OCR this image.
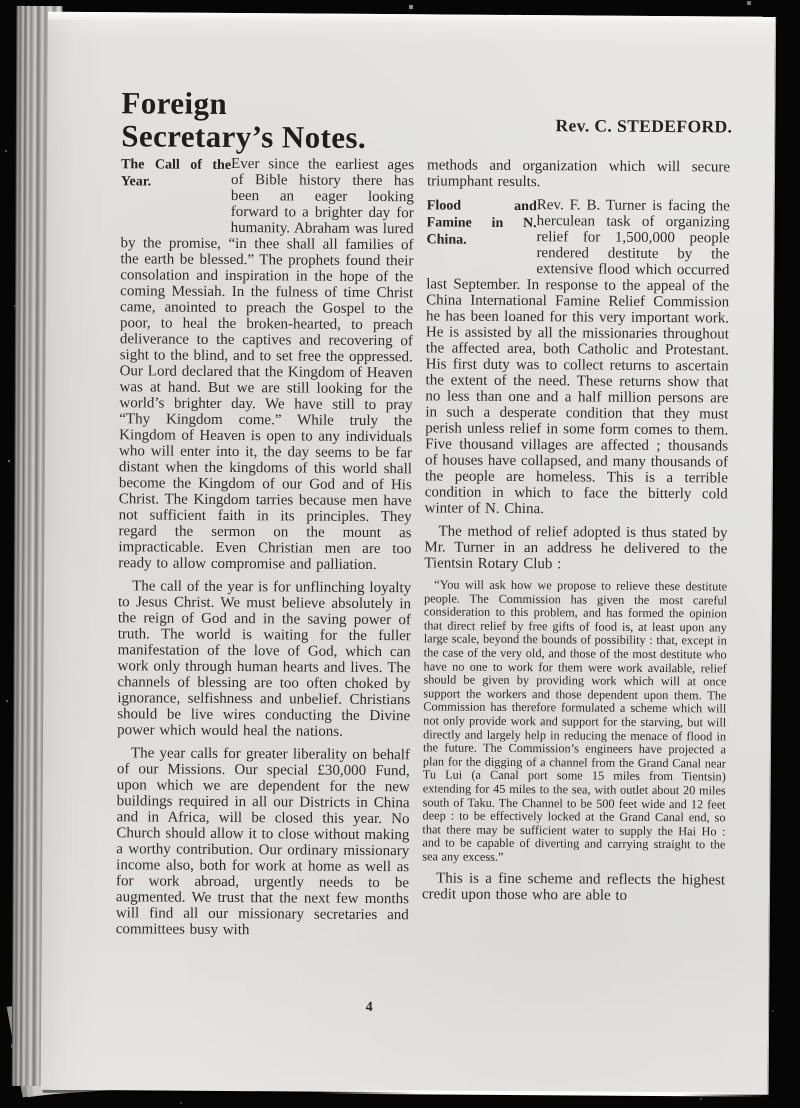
Foreign
Secretary’s Notes.	Rev. C. STEDEFORD.
The Call of the Year.
Ever since the earliest ages of Bible history there has been an eager looking forward to a brighter day for humanity. Abraham was lured by the promise, “in thee shall all families of the earth be blessed.” The prophets found their consolation and inspiration in the hope of the coming Messiah. In the fulness of time Christ came, anointed to preach the Gospel to the poor, to heal the broken-hearted, to preach deliverance to the captives and recovering of sight to the blind, and to set free the oppressed. Our Lord declared that the Kingdom of Heaven was at hand. But we are still looking for the world’s brighter day. We have still to pray “Thy Kingdom come.” While truly the Kingdom of Heaven is open to any individuals who will enter into it, the day seems to be far distant when the kingdoms of this world shall become the Kingdom of our God and of His Christ. The Kingdom tarries because men have not sufficient faith in its principles. They regard the sermon on the mount as impracticable. Even Christian men are too ready to allow compromise and palliation.

The call of the year is for unflinching loyalty to Jesus Christ. We must believe absolutely in the reign of God and in the saving power of truth. The world is waiting for the fuller manifestation of the love of God, which can work only through human hearts and lives. The channels of blessing are too often choked by ignorance, selfishness and unbelief. Christians should be live wires conducting the Divine power which would heal the nations.

The year calls for greater liberality on behalf of our Missions. Our special £30,000 Fund, upon which we are dependent for the new buildings required in all our Districts in China and in Africa, will be closed this year. No Church should allow it to close without making a worthy contribution. Our ordinary missionary income also, both for work at home as well as for work abroad, urgently needs to be augmented. We trust that the next few months will find all our missionary secretaries and committees busy with

methods and organization which will secure triumphant results.

Flood and Famine in N. China.
Rev. F. B. Turner is facing the herculean task of organizing relief for 1,500,000 people rendered destitute by the extensive flood which occurred last September. In response to the appeal of the China International Famine Relief Commission he has been loaned for this very important work. He is assisted by all the missionaries throughout the affected area, both Catholic and Protestant. His first duty was to collect returns to ascertain the extent of the need. These returns show that no less than one and a half million persons are in such a desperate condition that they must perish unless relief in some form comes to them. Five thousand villages are affected ; thousands of houses have collapsed, and many thousands of the people are homeless. This is a terrible condition in which to face the bitterly cold winter of N. China.

The method of relief adopted is thus stated by Mr. Turner in an address he delivered to the Tientsin Rotary Club :

“You will ask how we propose to relieve these destitute people. The Commission has given the most careful consideration to this problem, and has formed the opinion that direct relief by free gifts of food is, at least upon any large scale, beyond the bounds of possibility : that, except in the case of the very old, and those of the most destitute who have no one to work for them were work available, relief should be given by providing work which will at once support the workers and those dependent upon them. The Commission has therefore formulated a scheme which will not only provide work and support for the starving, but will directly and largely help in reducing the menace of flood in the future. The Commission’s engineers have projected a plan for the digging of a channel from the Grand Canal near Tu Lui (a Canal port some 15 miles from Tientsin) extending for 45 miles to the sea, with outlet about 20 miles south of Taku. The Channel to be 500 feet wide and 12 feet deep : to be effectively locked at the Grand Canal end, so that there may be sufficient water to supply the Hai Ho : and to be capable of diverting and carrying straight to the sea any excess.”

This is a fine scheme and reflects the highest credit upon those who are able to

4
